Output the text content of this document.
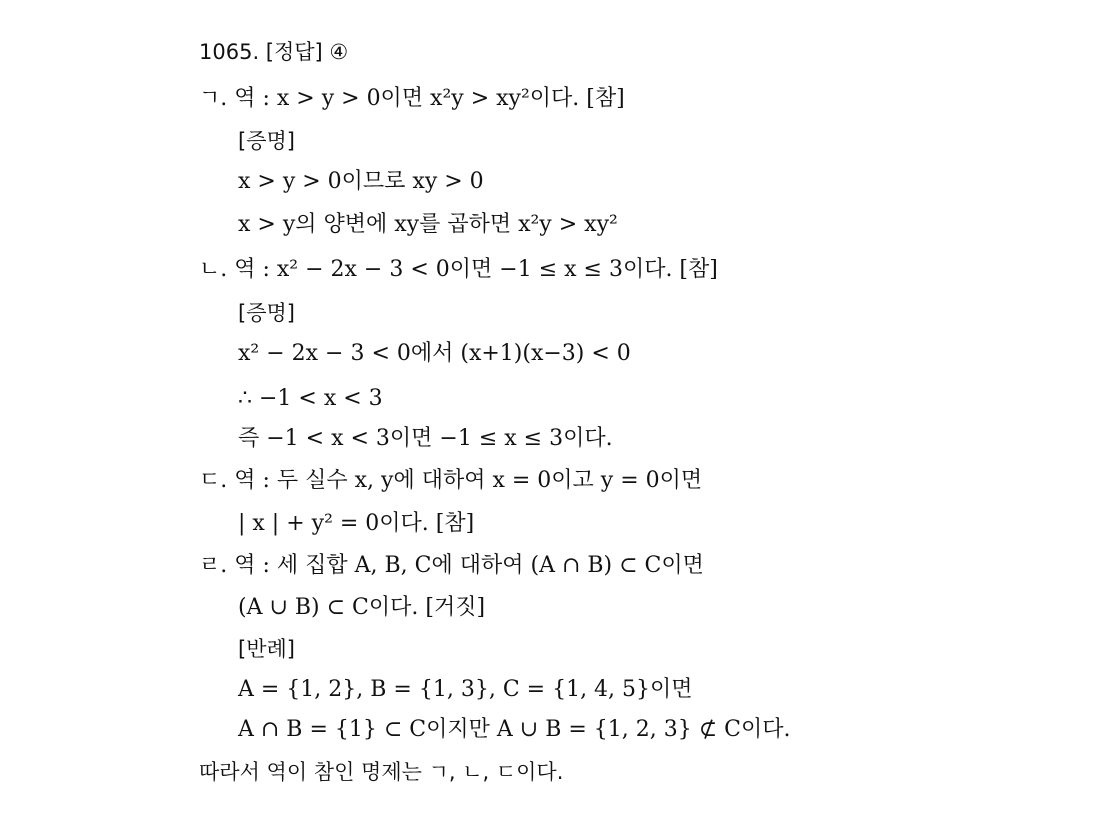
1065. [정답] ④
ㄱ. 역 : x > y > 0이면 x²y > xy²이다. [참]
[증명]
x > y > 0이므로 xy > 0
x > y의 양변에 xy를 곱하면 x²y > xy²
ㄴ. 역 : x² − 2x − 3 < 0이면 −1 ≤ x ≤ 3이다. [참]
[증명]
x² − 2x − 3 < 0에서 (x+1)(x−3) < 0
∴ −1 < x < 3
즉 −1 < x < 3이면 −1 ≤ x ≤ 3이다.
ㄷ. 역 : 두 실수 x, y에 대하여 x = 0이고 y = 0이면
| x | + y² = 0이다. [참]
ㄹ. 역 : 세 집합 A, B, C에 대하여 (A ∩ B) ⊂ C이면
(A ∪ B) ⊂ C이다. [거짓]
[반례]
A = {1, 2}, B = {1, 3}, C = {1, 4, 5}이면
A ∩ B = {1} ⊂ C이지만 A ∪ B = {1, 2, 3} ⊄ C이다.
따라서 역이 참인 명제는 ㄱ, ㄴ, ㄷ이다.
